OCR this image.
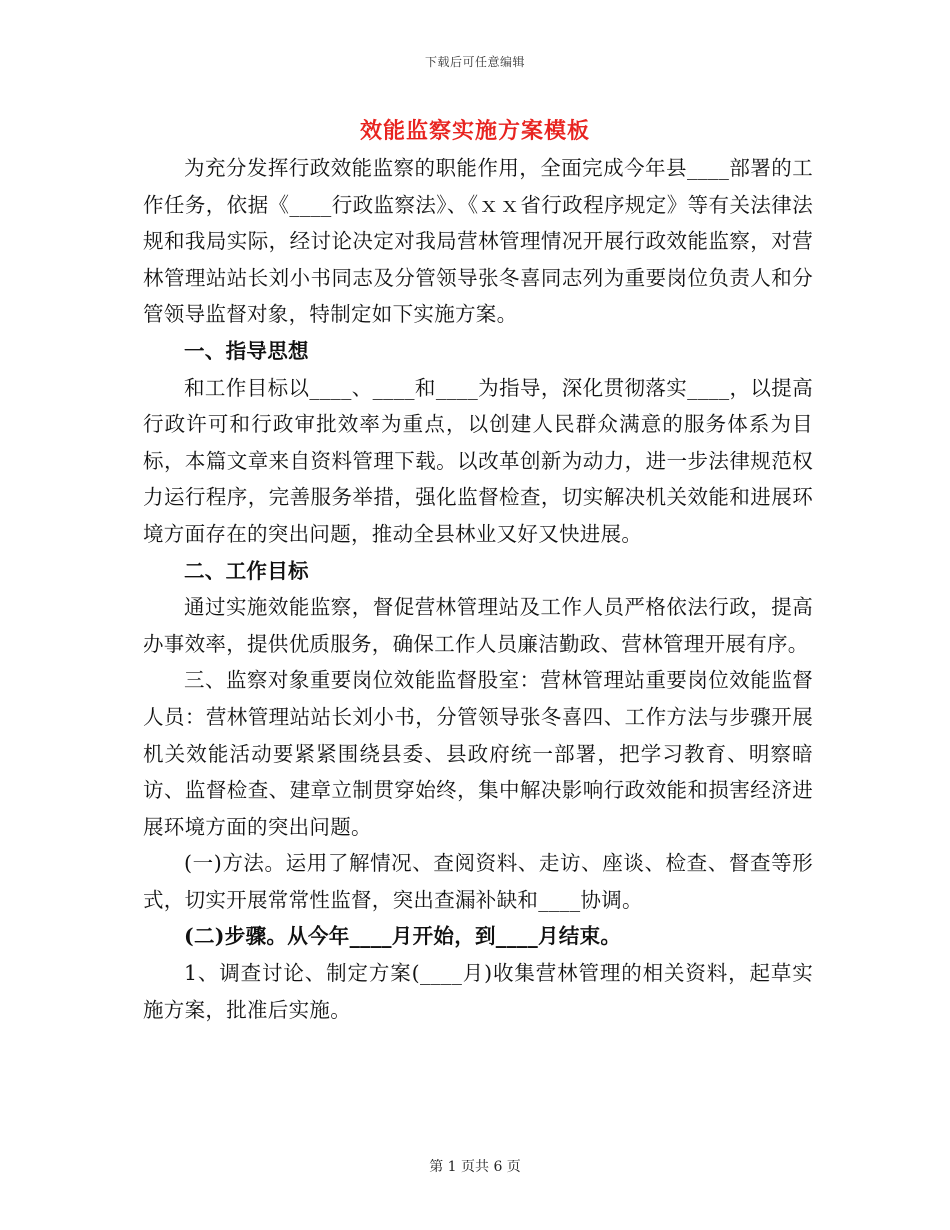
下载后可任意编辑
效能监察实施方案模板

为充分发挥行政效能监察的职能作用，全面完成今年县____部署的工作任务，依据《____行政监察法》、《ｘｘ省行政程序规定》等有关法律法规和我局实际，经讨论决定对我局营林管理情况开展行政效能监察，对营林管理站站长刘小书同志及分管领导张冬喜同志列为重要岗位负责人和分管领导监督对象，特制定如下实施方案。

一、指导思想

和工作目标以____、____和____为指导，深化贯彻落实____，以提高行政许可和行政审批效率为重点，以创建人民群众满意的服务体系为目标，本篇文章来自资料管理下载。以改革创新为动力，进一步法律规范权力运行程序，完善服务举措，强化监督检查，切实解决机关效能和进展环境方面存在的突出问题，推动全县林业又好又快进展。

二、工作目标

通过实施效能监察，督促营林管理站及工作人员严格依法行政，提高办事效率，提供优质服务，确保工作人员廉洁勤政、营林管理开展有序。

三、监察对象重要岗位效能监督股室：营林管理站重要岗位效能监督人员：营林管理站站长刘小书，分管领导张冬喜四、工作方法与步骤开展机关效能活动要紧紧围绕县委、县政府统一部署，把学习教育、明察暗访、监督检查、建章立制贯穿始终，集中解决影响行政效能和损害经济进展环境方面的突出问题。

(一)方法。运用了解情况、查阅资料、走访、座谈、检查、督查等形式，切实开展常常性监督，突出查漏补缺和____协调。

(二)步骤。从今年____月开始，到____月结束。

1、调查讨论、制定方案(____月)收集营林管理的相关资料，起草实施方案，批准后实施。

第 1 页共 6 页
